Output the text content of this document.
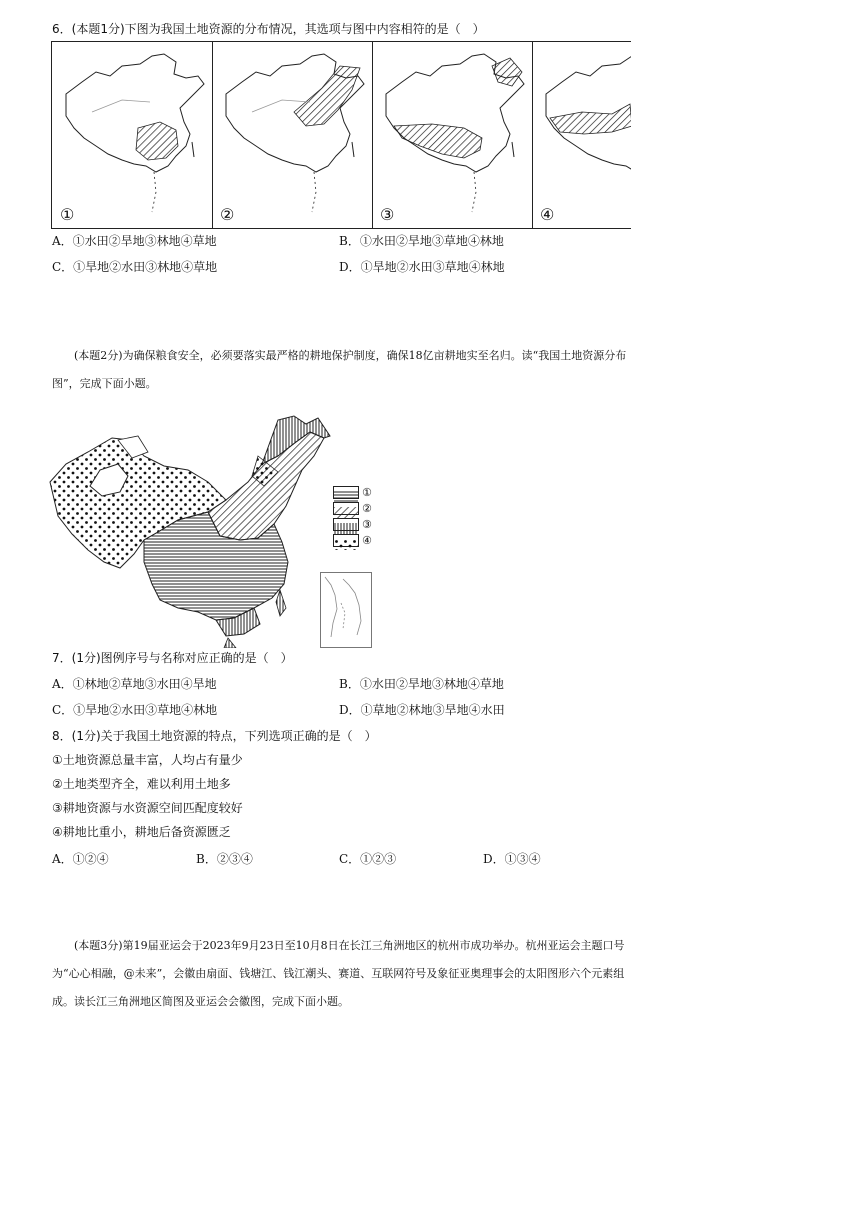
6．(本题1分)下图为我国土地资源的分布情况，其选项与图中内容相符的是（　）
①	②	③	④
A．①水田②旱地③林地④草地	B．①水田②旱地③草地④林地
C．①旱地②水田③林地④草地	D．①旱地②水田③草地④林地
(本题2分)为确保粮食安全，必须要落实最严格的耕地保护制度，确保18亿亩耕地实至名归。读“我国土地资源分布图”，完成下面小题。
①
②
③
④
7．(1分)图例序号与名称对应正确的是（　）
A．①林地②草地③水田④旱地	B．①水田②旱地③林地④草地
C．①旱地②水田③草地④林地	D．①草地②林地③旱地④水田
8．(1分)关于我国土地资源的特点，下列选项正确的是（　）
①土地资源总量丰富，人均占有量少
②土地类型齐全，难以利用土地多
③耕地资源与水资源空间匹配度较好
④耕地比重小，耕地后备资源匮乏
A．①②④	B．②③④	C．①②③	D．①③④
(本题3分)第19届亚运会于2023年9月23日至10月8日在长江三角洲地区的杭州市成功举办。杭州亚运会主题口号为“心心相融，@未来”，会徽由扇面、钱塘江、钱江潮头、赛道、互联网符号及象征亚奥理事会的太阳图形六个元素组成。读长江三角洲地区简图及亚运会会徽图，完成下面小题。
